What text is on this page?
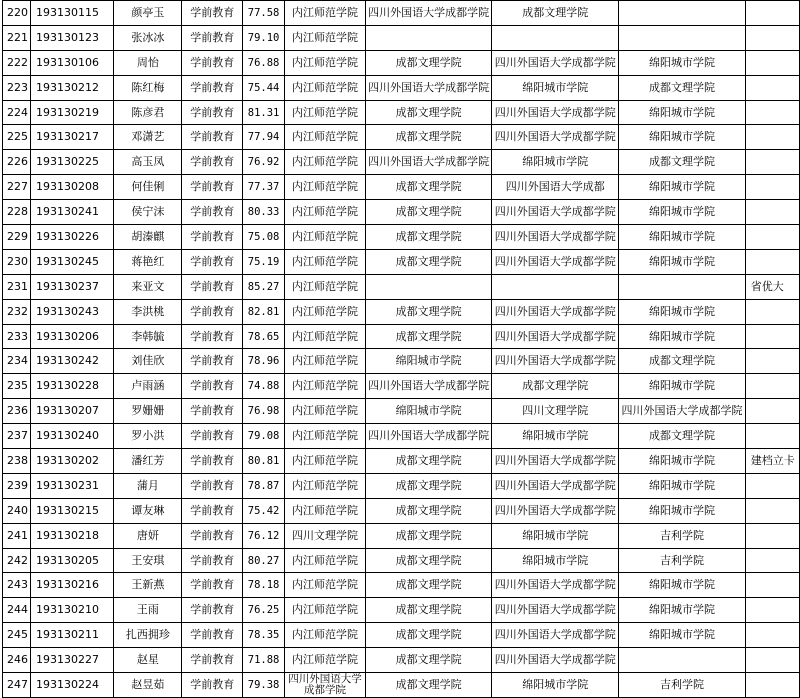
220	193130115	颜亭玉	学前教育	77.58	内江师范学院	四川外国语大学成都学院	成都文理学院		
221	193130123	张冰冰	学前教育	79.10	内江师范学院				
222	193130106	周怡	学前教育	76.88	内江师范学院	成都文理学院	四川外国语大学成都学院	绵阳城市学院	
223	193130212	陈红梅	学前教育	75.44	内江师范学院	四川外国语大学成都学院	绵阳城市学院	成都文理学院	
224	193130219	陈彦君	学前教育	81.31	内江师范学院	成都文理学院	四川外国语大学成都学院	绵阳城市学院	
225	193130217	邓潇艺	学前教育	77.94	内江师范学院	成都文理学院	四川外国语大学成都学院	绵阳城市学院	
226	193130225	高玉凤	学前教育	76.92	内江师范学院	四川外国语大学成都学院	绵阳城市学院	成都文理学院	
227	193130208	何佳俐	学前教育	77.37	内江师范学院	成都文理学院	四川外国语大学成都	绵阳城市学院	
228	193130241	侯宁沫	学前教育	80.33	内江师范学院	成都文理学院	四川外国语大学成都学院	绵阳城市学院	
229	193130226	胡溱麒	学前教育	75.08	内江师范学院	成都文理学院	四川外国语大学成都学院	绵阳城市学院	
230	193130245	蒋艳红	学前教育	75.19	内江师范学院	成都文理学院	四川外国语大学成都学院	绵阳城市学院	
231	193130237	来亚文	学前教育	85.27	内江师范学院				省优大
232	193130243	李洪桃	学前教育	82.81	内江师范学院	成都文理学院	四川外国语大学成都学院	绵阳城市学院	
233	193130206	李韩毓	学前教育	78.65	内江师范学院	成都文理学院	四川外国语大学成都学院	绵阳城市学院	
234	193130242	刘佳欣	学前教育	78.96	内江师范学院	绵阳城市学院	四川外国语大学成都学院	成都文理学院	
235	193130228	卢雨涵	学前教育	74.88	内江师范学院	四川外国语大学成都学院	成都文理学院	绵阳城市学院	
236	193130207	罗姗姗	学前教育	76.98	内江师范学院	绵阳城市学院	四川文理学院	四川外国语大学成都学院	
237	193130240	罗小洪	学前教育	79.08	内江师范学院	四川外国语大学成都学院	绵阳城市学院	成都文理学院	
238	193130202	潘红芳	学前教育	80.81	内江师范学院	成都文理学院	四川外国语大学成都学院	绵阳城市学院	建档立卡
239	193130231	蒲月	学前教育	78.87	内江师范学院	成都文理学院	四川外国语大学成都学院	绵阳城市学院	
240	193130215	谭友琳	学前教育	75.42	内江师范学院	成都文理学院	四川外国语大学成都学院	绵阳城市学院	
241	193130218	唐妍	学前教育	76.12	四川文理学院	成都文理学院	绵阳城市学院	吉利学院	
242	193130205	王安琪	学前教育	80.27	内江师范学院	成都文理学院	绵阳城市学院	吉利学院	
243	193130216	王新燕	学前教育	78.18	内江师范学院	成都文理学院	四川外国语大学成都学院	绵阳城市学院	
244	193130210	王雨	学前教育	76.25	内江师范学院	成都文理学院	四川外国语大学成都学院	绵阳城市学院	
245	193130211	扎西拥珍	学前教育	78.35	内江师范学院	成都文理学院	四川外国语大学成都学院	绵阳城市学院	
246	193130227	赵星	学前教育	71.88	内江师范学院	成都文理学院	四川外国语大学成都学院		
247	193130224	赵昱茹	学前教育	79.38	四川外国语大学成都学院	成都文理学院	绵阳城市学院	吉利学院	
